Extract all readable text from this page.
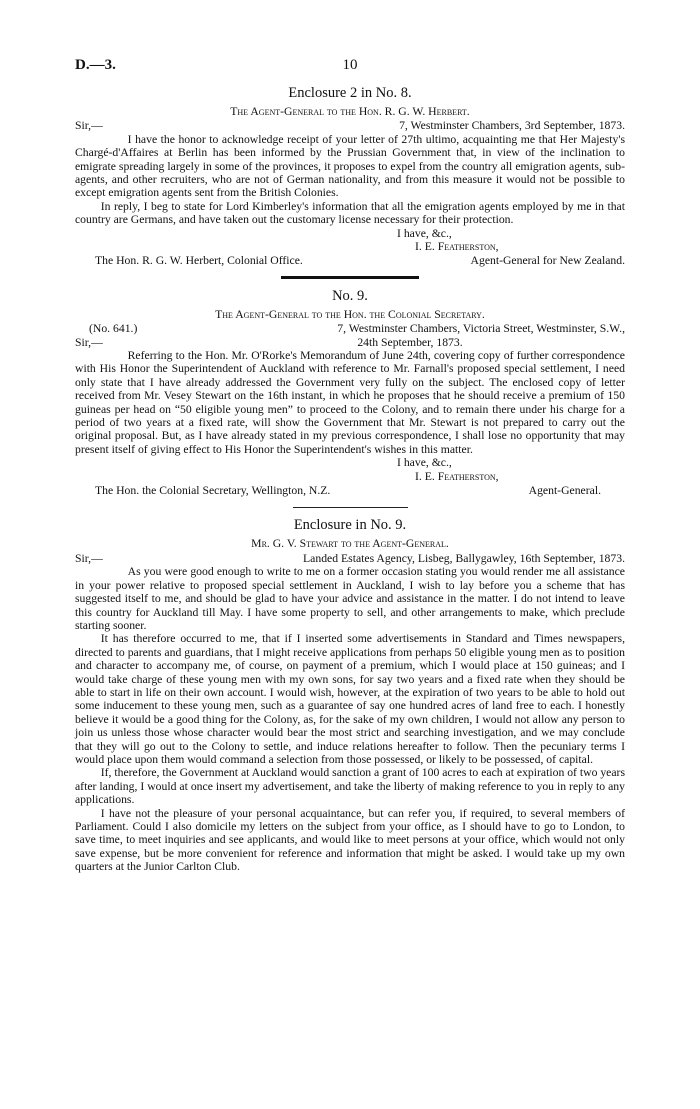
D.—3.	10
Enclosure 2 in No. 8.
The Agent-General to the Hon. R. G. W. Herbert.
Sir,—	7, Westminster Chambers, 3rd September, 1873.

I have the honor to acknowledge receipt of your letter of 27th ultimo, acquainting me that Her Majesty's Chargé-d'Affaires at Berlin has been informed by the Prussian Government that, in view of the inclination to emigrate spreading largely in some of the provinces, it proposes to expel from the country all emigration agents, sub-agents, and other recruiters, who are not of German nationality, and from this measure it would not be possible to except emigration agents sent from the British Colonies.

In reply, I beg to state for Lord Kimberley's information that all the emigration agents employed by me in that country are Germans, and have taken out the customary license necessary for their protection.

I have, &c.,
I. E. Featherston,
The Hon. R. G. W. Herbert, Colonial Office.	Agent-General for New Zealand.
No. 9.
The Agent-General to the Hon. the Colonial Secretary.
(No. 641.)	7, Westminster Chambers, Victoria Street, Westminster, S.W.,
Sir,—	24th September, 1873.

Referring to the Hon. Mr. O'Rorke's Memorandum of June 24th, covering copy of further correspondence with His Honor the Superintendent of Auckland with reference to Mr. Farnall's proposed special settlement, I need only state that I have already addressed the Government very fully on the subject. The enclosed copy of letter received from Mr. Vesey Stewart on the 16th instant, in which he proposes that he should receive a premium of 150 guineas per head on “50 eligible young men” to proceed to the Colony, and to remain there under his charge for a period of two years at a fixed rate, will show the Government that Mr. Stewart is not prepared to carry out the original proposal. But, as I have already stated in my previous correspondence, I shall lose no opportunity that may present itself of giving effect to His Honor the Superintendent's wishes in this matter.

I have, &c.,
I. E. Featherston,
The Hon. the Colonial Secretary, Wellington, N.Z.	Agent-General.
Enclosure in No. 9.
Mr. G. V. Stewart to the Agent-General.
Sir,—	Landed Estates Agency, Lisbeg, Ballygawley, 16th September, 1873.

As you were good enough to write to me on a former occasion stating you would render me all assistance in your power relative to proposed special settlement in Auckland, I wish to lay before you a scheme that has suggested itself to me, and should be glad to have your advice and assistance in the matter. I do not intend to leave this country for Auckland till May. I have some property to sell, and other arrangements to make, which preclude starting sooner.

It has therefore occurred to me, that if I inserted some advertisements in Standard and Times newspapers, directed to parents and guardians, that I might receive applications from perhaps 50 eligible young men as to position and character to accompany me, of course, on payment of a premium, which I would place at 150 guineas; and I would take charge of these young men with my own sons, for say two years and a fixed rate when they should be able to start in life on their own account. I would wish, however, at the expiration of two years to be able to hold out some inducement to these young men, such as a guarantee of say one hundred acres of land free to each. I honestly believe it would be a good thing for the Colony, as, for the sake of my own children, I would not allow any person to join us unless those whose character would bear the most strict and searching investigation, and we may conclude that they will go out to the Colony to settle, and induce relations hereafter to follow. Then the pecuniary terms I would place upon them would command a selection from those possessed, or likely to be possessed, of capital.

If, therefore, the Government at Auckland would sanction a grant of 100 acres to each at expiration of two years after landing, I would at once insert my advertisement, and take the liberty of making reference to you in reply to any applications.

I have not the pleasure of your personal acquaintance, but can refer you, if required, to several members of Parliament. Could I also domicile my letters on the subject from your office, as I should have to go to London, to save time, to meet inquiries and see applicants, and would like to meet persons at your office, which would not only save expense, but be more convenient for reference and information that might be asked. I would take up my own quarters at the Junior Carlton Club.
